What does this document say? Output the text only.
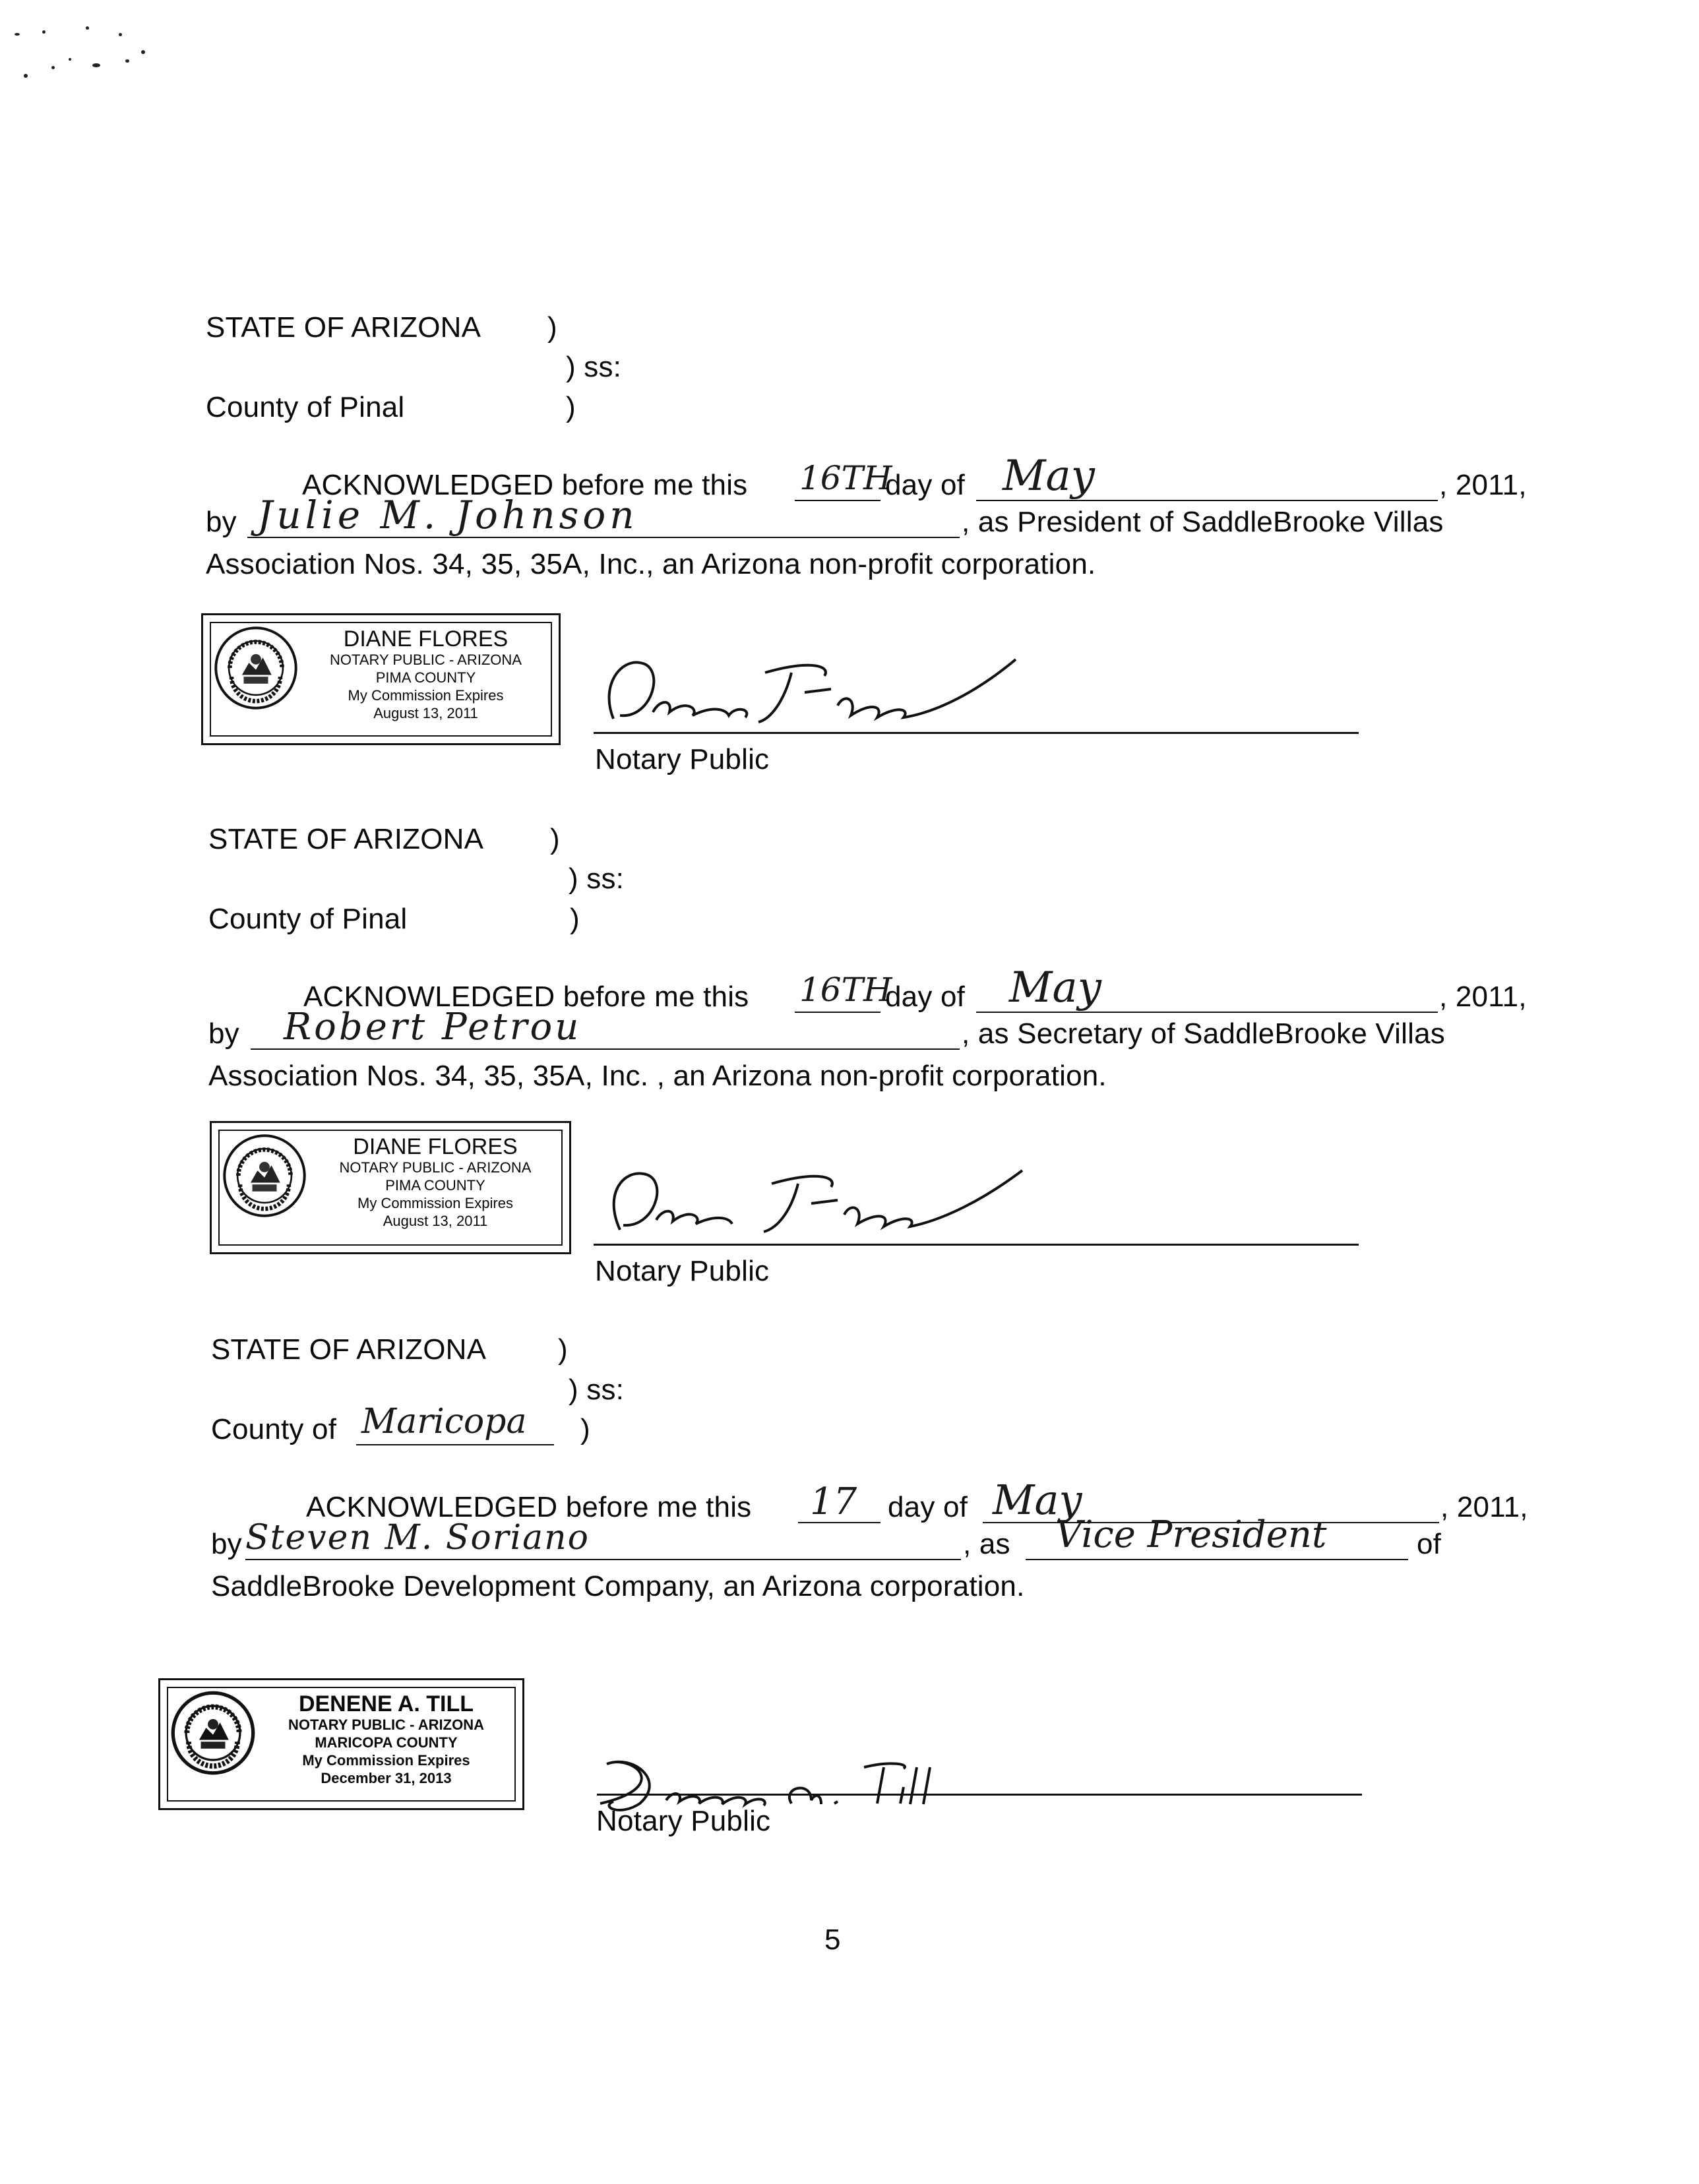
STATE OF ARIZONA )
) ss:
County of Pinal	)
ACKNOWLEDGED before me this 16TH
day of May	, 2011,
by Julie M. Johnson	, as President of SaddleBrooke Villas
Association Nos. 34, 35, 35A, Inc., an Arizona non-profit corporation.
DIANE FLORES
NOTARY PUBLIC - ARIZONA
PIMA COUNTY
My Commission Expires
August 13, 2011
Notary Public
STATE OF ARIZONA )
) ss:
County of Pinal	)
ACKNOWLEDGED before me this 16TH
day of May	, 2011,
by Robert Petrou	, as Secretary of SaddleBrooke Villas
Association Nos. 34, 35, 35A, Inc. , an Arizona non-profit corporation.
DIANE FLORES
NOTARY PUBLIC - ARIZONA
PIMA COUNTY
My Commission Expires
August 13, 2011
Notary Public
STATE OF ARIZONA )
) ss:
County of Maricopa )
ACKNOWLEDGED before me this 17 day of May	, 2011,
by Steven M. Soriano	, as Vice President	of
SaddleBrooke Development Company, an Arizona corporation.
DENENE A. TILL
NOTARY PUBLIC - ARIZONA
MARICOPA COUNTY
My Commission Expires
December 31, 2013
Notary Public
5
